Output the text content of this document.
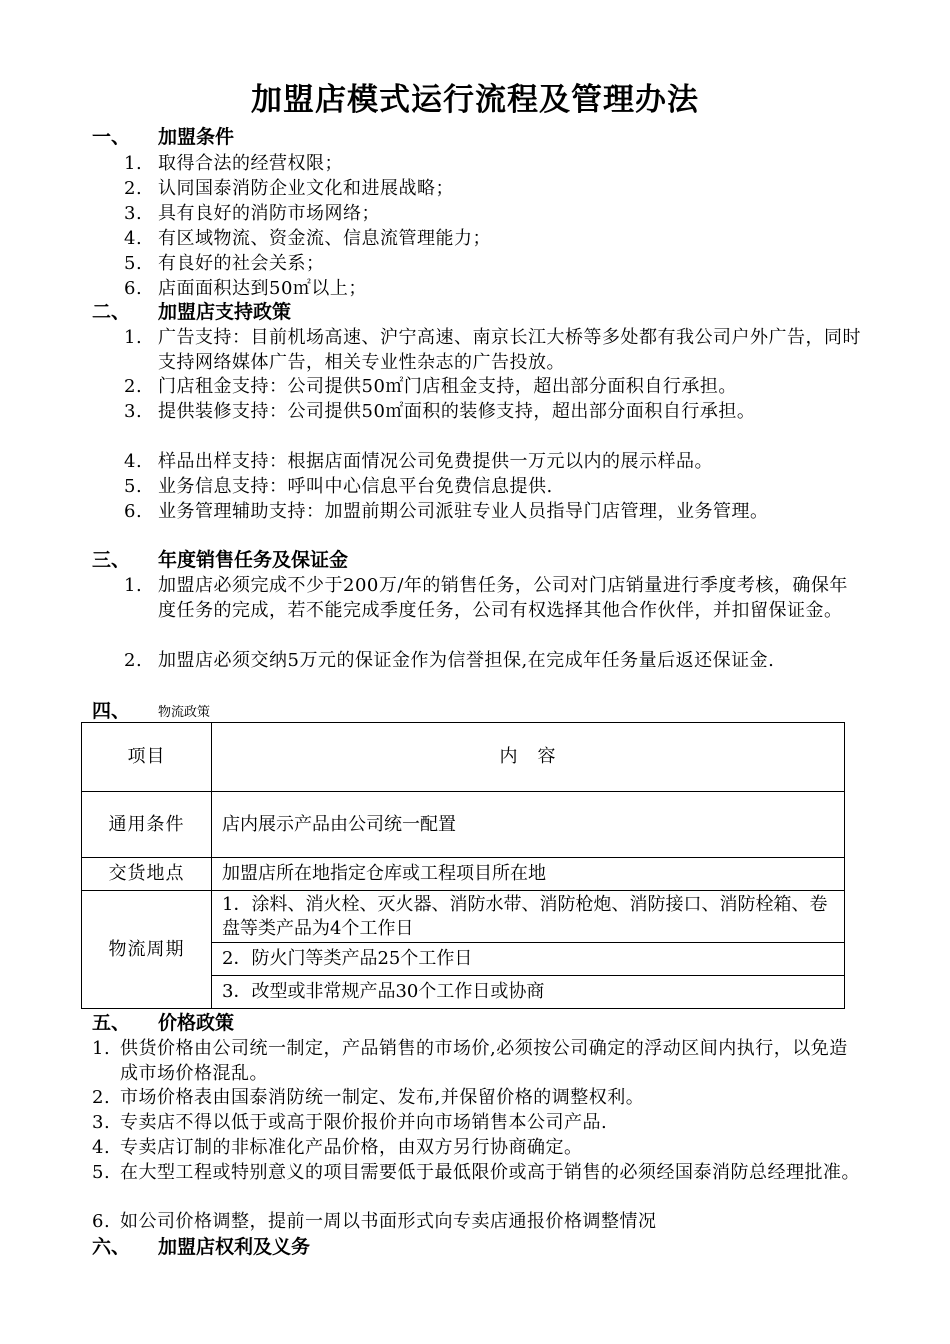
加盟店模式运行流程及管理办法
一、 加盟条件
1. 取得合法的经营权限；
2. 认同国泰消防企业文化和进展战略；
3. 具有良好的消防市场网络；
4. 有区域物流、资金流、信息流管理能力；
5. 有良好的社会关系；
6. 店面面积达到50㎡以上；
二、 加盟店支持政策
1. 广告支持：目前机场高速、沪宁高速、南京长江大桥等多处都有我公司户外广告，同时支持网络媒体广告，相关专业性杂志的广告投放。
2. 门店租金支持：公司提供50㎡门店租金支持，超出部分面积自行承担。
3. 提供装修支持：公司提供50㎡面积的装修支持，超出部分面积自行承担。
4. 样品出样支持：根据店面情况公司免费提供一万元以内的展示样品。
5. 业务信息支持：呼叫中心信息平台免费信息提供.
6. 业务管理辅助支持：加盟前期公司派驻专业人员指导门店管理，业务管理。
三、 年度销售任务及保证金
1. 加盟店必须完成不少于200万/年的销售任务，公司对门店销量进行季度考核，确保年度任务的完成，若不能完成季度任务，公司有权选择其他合作伙伴，并扣留保证金。
2. 加盟店必须交纳5万元的保证金作为信誉担保,在完成年任务量后返还保证金.
四、 物流政策
项目	内　容
通用条件	店内展示产品由公司统一配置
交货地点	加盟店所在地指定仓库或工程项目所在地
物流周期	1．涂料、消火栓、灭火器、消防水带、消防枪炮、消防接口、消防栓箱、卷盘等类产品为4个工作日
	2．防火门等类产品25个工作日
	3．改型或非常规产品30个工作日或协商
五、 价格政策
1. 供货价格由公司统一制定，产品销售的市场价,必须按公司确定的浮动区间内执行，以免造成市场价格混乱。
2. 市场价格表由国泰消防统一制定、发布,并保留价格的调整权利。
3. 专卖店不得以低于或高于限价报价并向市场销售本公司产品.
4. 专卖店订制的非标准化产品价格，由双方另行协商确定。
5. 在大型工程或特别意义的项目需要低于最低限价或高于销售的必须经国泰消防总经理批准。
6. 如公司价格调整，提前一周以书面形式向专卖店通报价格调整情况
六、 加盟店权利及义务
